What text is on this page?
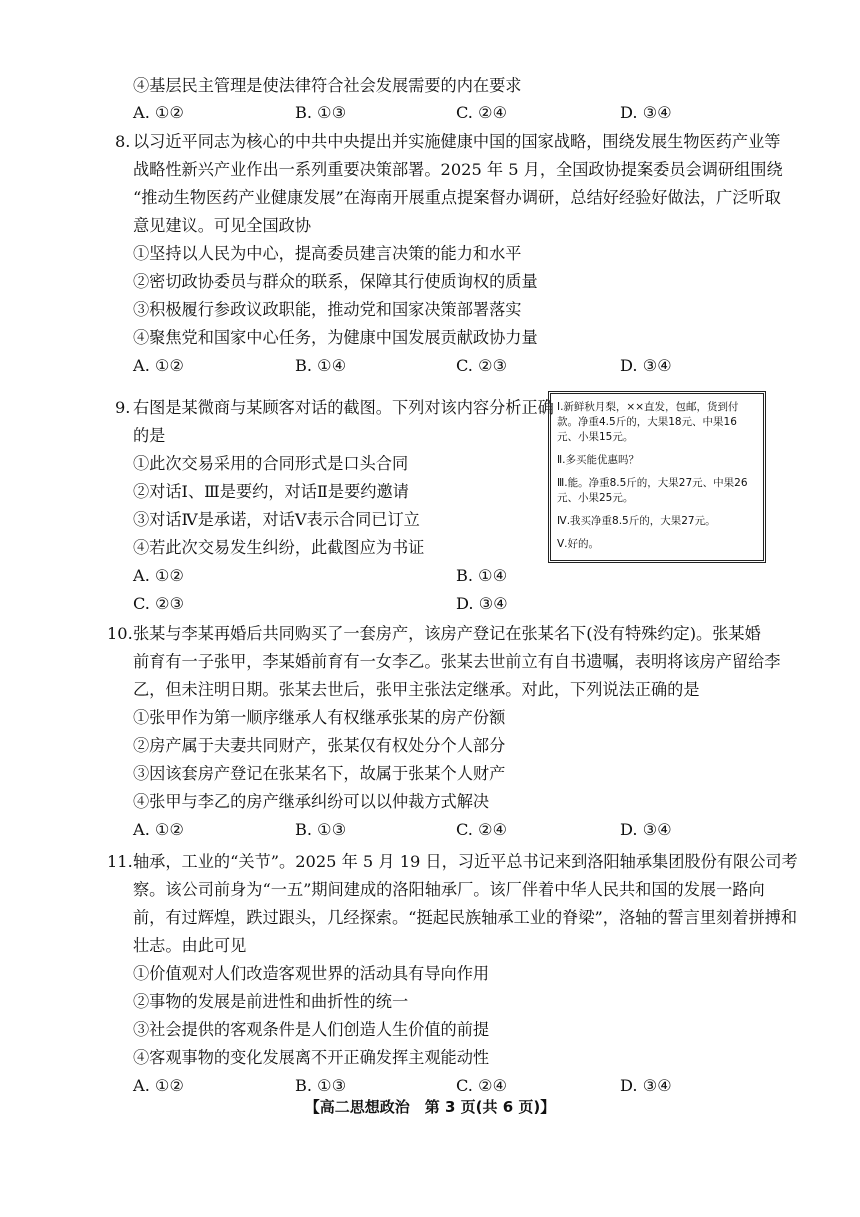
④基层民主管理是使法律符合社会发展需要的内在要求
A. ①②	B. ①③	C. ②④	D. ③④
8. 以习近平同志为核心的中共中央提出并实施健康中国的国家战略，围绕发展生物医药产业等
战略性新兴产业作出一系列重要决策部署。2025 年 5 月，全国政协提案委员会调研组围绕
“推动生物医药产业健康发展”在海南开展重点提案督办调研，总结好经验好做法，广泛听取
意见建议。可见全国政协
①坚持以人民为中心，提高委员建言决策的能力和水平
②密切政协委员与群众的联系，保障其行使质询权的质量
③积极履行参政议政职能，推动党和国家决策部署落实
④聚焦党和国家中心任务，为健康中国发展贡献政协力量
A. ①②	B. ①④	C. ②③	D. ③④
9. 右图是某微商与某顾客对话的截图。下列对该内容分析正确
的是
①此次交易采用的合同形式是口头合同
②对话Ⅰ、Ⅲ是要约，对话Ⅱ是要约邀请
③对话Ⅳ是承诺，对话Ⅴ表示合同已订立
④若此次交易发生纠纷，此截图应为书证
A. ①②	B. ①④
C. ②③	D. ③④

Ⅰ.新鲜秋月梨，××直发，包邮，货到付款。净重4.5斤的，大果18元、中果16元、小果15元。

Ⅱ.多买能优惠吗？

Ⅲ.能。净重8.5斤的，大果27元、中果26元、小果25元。

Ⅳ.我买净重8.5斤的，大果27元。

Ⅴ.好的。

10. 张某与李某再婚后共同购买了一套房产，该房产登记在张某名下(没有特殊约定)。张某婚
前育有一子张甲，李某婚前育有一女李乙。张某去世前立有自书遗嘱，表明将该房产留给李
乙，但未注明日期。张某去世后，张甲主张法定继承。对此，下列说法正确的是
①张甲作为第一顺序继承人有权继承张某的房产份额
②房产属于夫妻共同财产，张某仅有权处分个人部分
③因该套房产登记在张某名下，故属于张某个人财产
④张甲与李乙的房产继承纠纷可以以仲裁方式解决
A. ①②	B. ①③	C. ②④	D. ③④
11. 轴承，工业的“关节”。2025 年 5 月 19 日，习近平总书记来到洛阳轴承集团股份有限公司考
察。该公司前身为“一五”期间建成的洛阳轴承厂。该厂伴着中华人民共和国的发展一路向
前，有过辉煌，跌过跟头，几经探索。“挺起民族轴承工业的脊梁”，洛轴的誓言里刻着拼搏和
壮志。由此可见
①价值观对人们改造客观世界的活动具有导向作用
②事物的发展是前进性和曲折性的统一
③社会提供的客观条件是人们创造人生价值的前提
④客观事物的变化发展离不开正确发挥主观能动性
A. ①②	B. ①③	C. ②④	D. ③④
【高二思想政治　第 3 页(共 6 页)】
